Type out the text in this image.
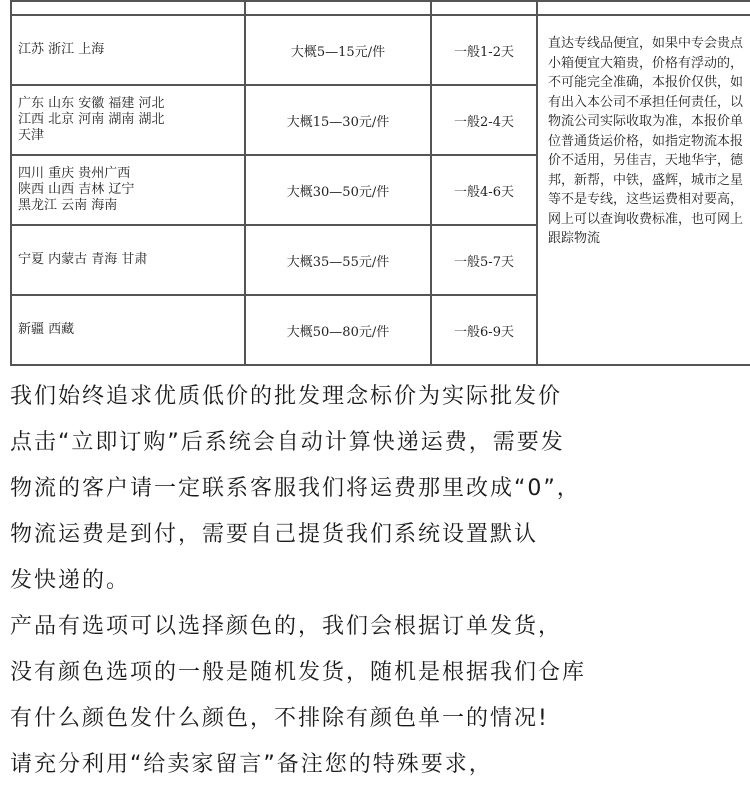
江苏 浙江 上海	大概5—15元/件	一般1-2天	直达专线品便宜，如果中专会贵点 小箱便宜大箱贵，价格有浮动的，不可能完全准确，本报价仅供，如有出入本公司不承担任何责任，以物流公司实际收取为准，本报价单位普通货运价格，如指定物流本报价不适用，另佳吉，天地华宇，德邦，新帮，中铁，盛辉，城市之星等不是专线，这些运费相对要高，网上可以查询收费标准，也可网上跟踪物流

广东 山东 安徽 福建 河北
江西 北京 河南 湖南 湖北
天津	大概15—30元/件	一般2-4天	
四川 重庆 贵州广西
陕西 山西 吉林 辽宁
黑龙江 云南 海南	大概30—50元/件	一般4-6天	
宁夏 内蒙古 青海 甘肃	大概35—55元/件	一般5-7天	
新疆 西藏	大概50—80元/件	一般6-9天	

我们始终追求优质低价的批发理念标价为实际批发价

点击“立即订购”后系统会自动计算快递运费，需要发

物流的客户请一定联系客服我们将运费那里改成“0”，

物流运费是到付，需要自己提货我们系统设置默认

发快递的。

产品有选项可以选择颜色的，我们会根据订单发货，

没有颜色选项的一般是随机发货，随机是根据我们仓库

有什么颜色发什么颜色，不排除有颜色单一的情况!

请充分利用“给卖家留言”备注您的特殊要求，
